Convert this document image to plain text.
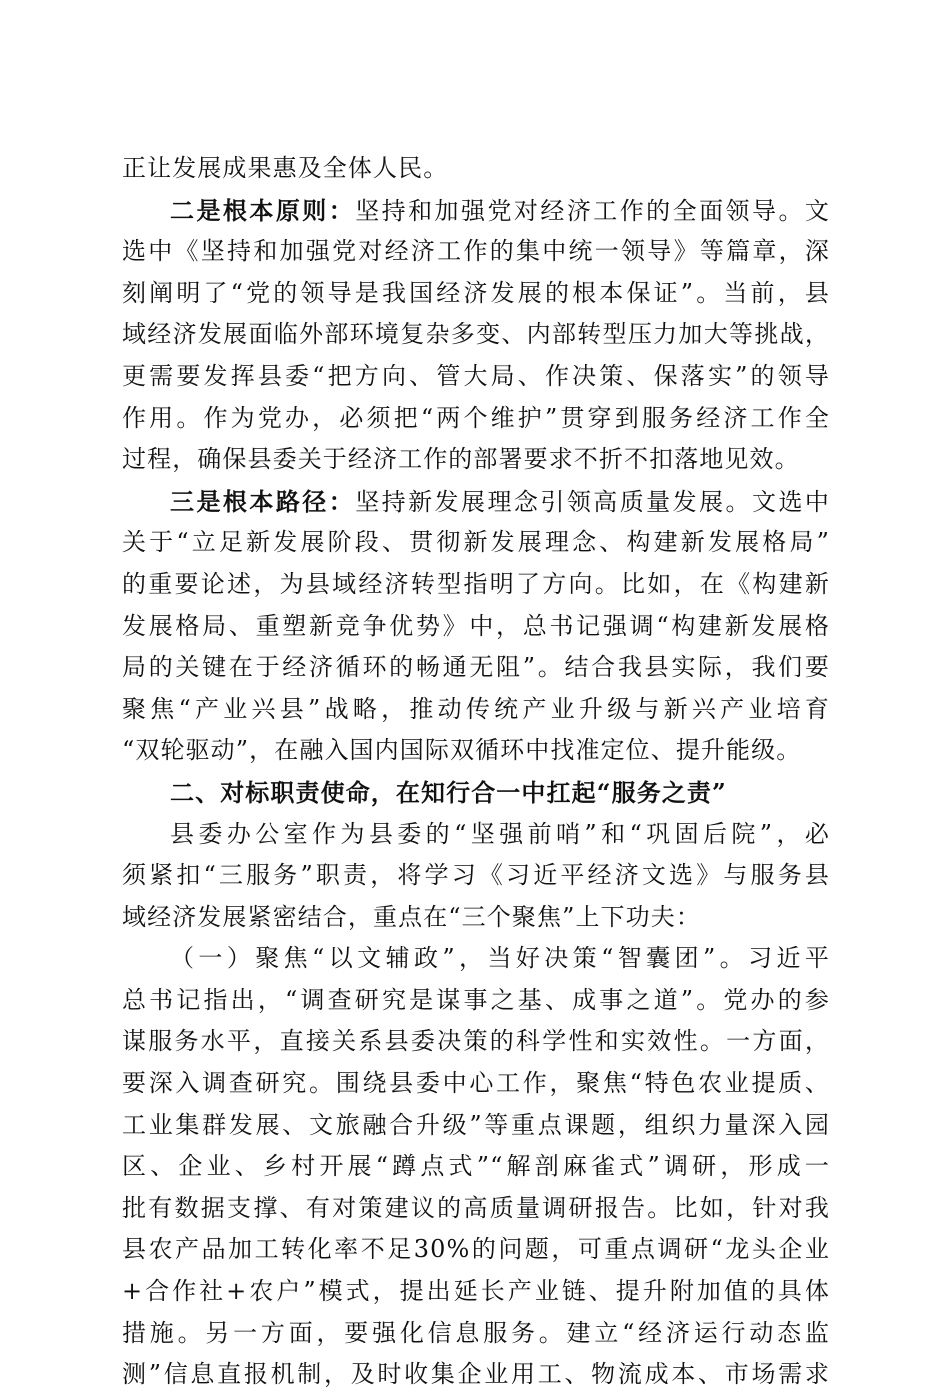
正让发展成果惠及全体人民。
二是根本原则：坚持和加强党对经济工作的全面领导。文
选中《坚持和加强党对经济工作的集中统一领导》等篇章，深
刻阐明了“党的领导是我国经济发展的根本保证”。当前，县
域经济发展面临外部环境复杂多变、内部转型压力加大等挑战，
更需要发挥县委“把方向、管大局、作决策、保落实”的领导
作用。作为党办，必须把“两个维护”贯穿到服务经济工作全
过程，确保县委关于经济工作的部署要求不折不扣落地见效。
三是根本路径：坚持新发展理念引领高质量发展。文选中
关于“立足新发展阶段、贯彻新发展理念、构建新发展格局”
的重要论述，为县域经济转型指明了方向。比如，在《构建新
发展格局、重塑新竞争优势》中，总书记强调“构建新发展格
局的关键在于经济循环的畅通无阻”。结合我县实际，我们要
聚焦“产业兴县”战略，推动传统产业升级与新兴产业培育
“双轮驱动”，在融入国内国际双循环中找准定位、提升能级。
二、对标职责使命，在知行合一中扛起“服务之责”
县委办公室作为县委的“坚强前哨”和“巩固后院”，必
须紧扣“三服务”职责，将学习《习近平经济文选》与服务县
域经济发展紧密结合，重点在“三个聚焦”上下功夫：
（一）聚焦“以文辅政”，当好决策“智囊团”。习近平
总书记指出，“调查研究是谋事之基、成事之道”。党办的参
谋服务水平，直接关系县委决策的科学性和实效性。一方面，
要深入调查研究。围绕县委中心工作，聚焦“特色农业提质、
工业集群发展、文旅融合升级”等重点课题，组织力量深入园
区、企业、乡村开展“蹲点式”“解剖麻雀式”调研，形成一
批有数据支撑、有对策建议的高质量调研报告。比如，针对我
县农产品加工转化率不足30%的问题，可重点调研“龙头企业
+合作社+农户”模式，提出延长产业链、提升附加值的具体
措施。另一方面，要强化信息服务。建立“经济运行动态监
测”信息直报机制，及时收集企业用工、物流成本、市场需求
